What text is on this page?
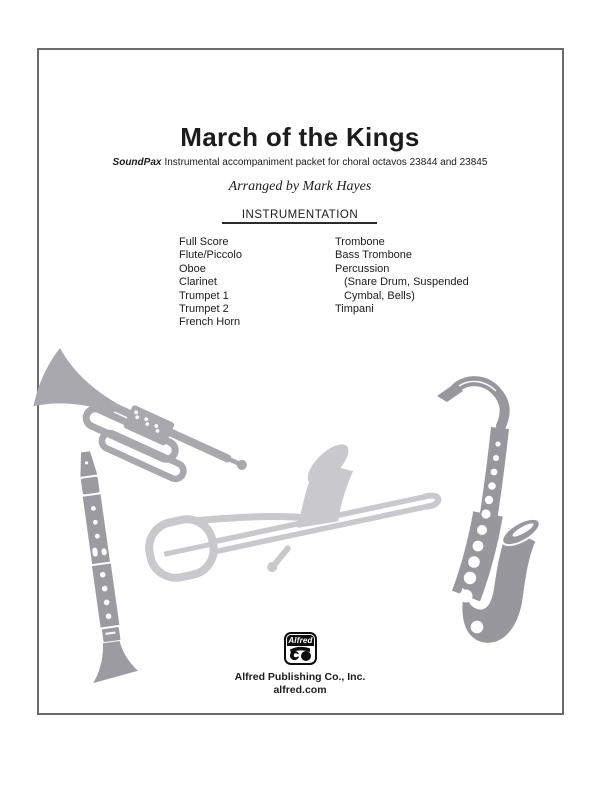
March of the Kings
SoundPax Instrumental accompaniment packet for choral octavos 23844 and 23845
Arranged by Mark Hayes
INSTRUMENTATION
Full Score
Flute/Piccolo
Oboe
Clarinet
Trumpet 1
Trumpet 2
French Horn
Trombone
Bass Trombone
Percussion
(Snare Drum, Suspended
Cymbal, Bells)
Timpani
Alfred
Alfred Publishing Co., Inc.
alfred.com
